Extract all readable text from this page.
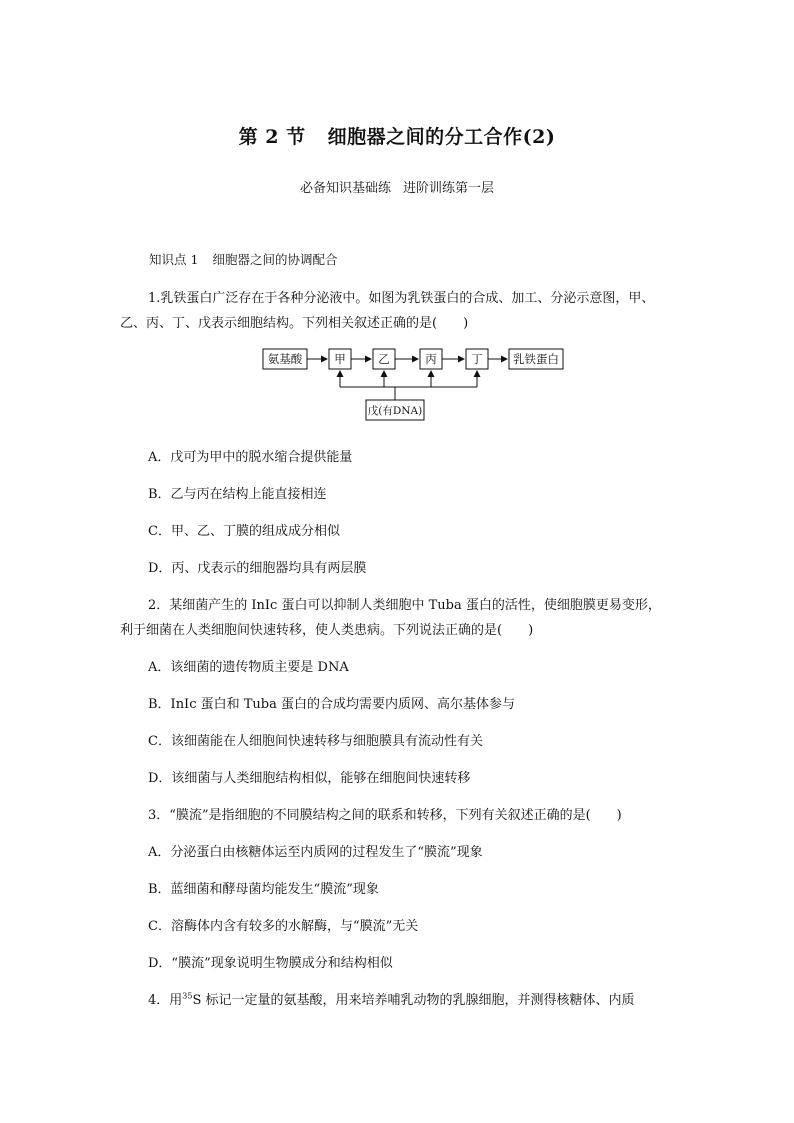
第 2 节 细胞器之间的分工合作(2)
必备知识基础练 进阶训练第一层
知识点 1 细胞器之间的协调配合
1.乳铁蛋白广泛存在于各种分泌液中。如图为乳铁蛋白的合成、加工、分泌示意图，甲、
乙、丙、丁、戊表示细胞结构。下列相关叙述正确的是(　　)
氨基酸	甲	乙	丙	丁	乳铁蛋白
戊(有DNA)
A．戊可为甲中的脱水缩合提供能量
B．乙与丙在结构上能直接相连
C．甲、乙、丁膜的组成成分相似
D．丙、戊表示的细胞器均具有两层膜
2．某细菌产生的 InIc 蛋白可以抑制人类细胞中 Tuba 蛋白的活性，使细胞膜更易变形，
利于细菌在人类细胞间快速转移，使人类患病。下列说法正确的是(　　)
A．该细菌的遗传物质主要是 DNA
B．InIc 蛋白和 Tuba 蛋白的合成均需要内质网、高尔基体参与
C．该细菌能在人细胞间快速转移与细胞膜具有流动性有关
D．该细菌与人类细胞结构相似，能够在细胞间快速转移
3．“膜流”是指细胞的不同膜结构之间的联系和转移，下列有关叙述正确的是(　　)
A．分泌蛋白由核糖体运至内质网的过程发生了“膜流”现象
B．蓝细菌和酵母菌均能发生“膜流”现象
C．溶酶体内含有较多的水解酶，与“膜流”无关
D．“膜流”现象说明生物膜成分和结构相似
4．用$^{35}$S 标记一定量的氨基酸，用来培养哺乳动物的乳腺细胞，并测得核糖体、内质
